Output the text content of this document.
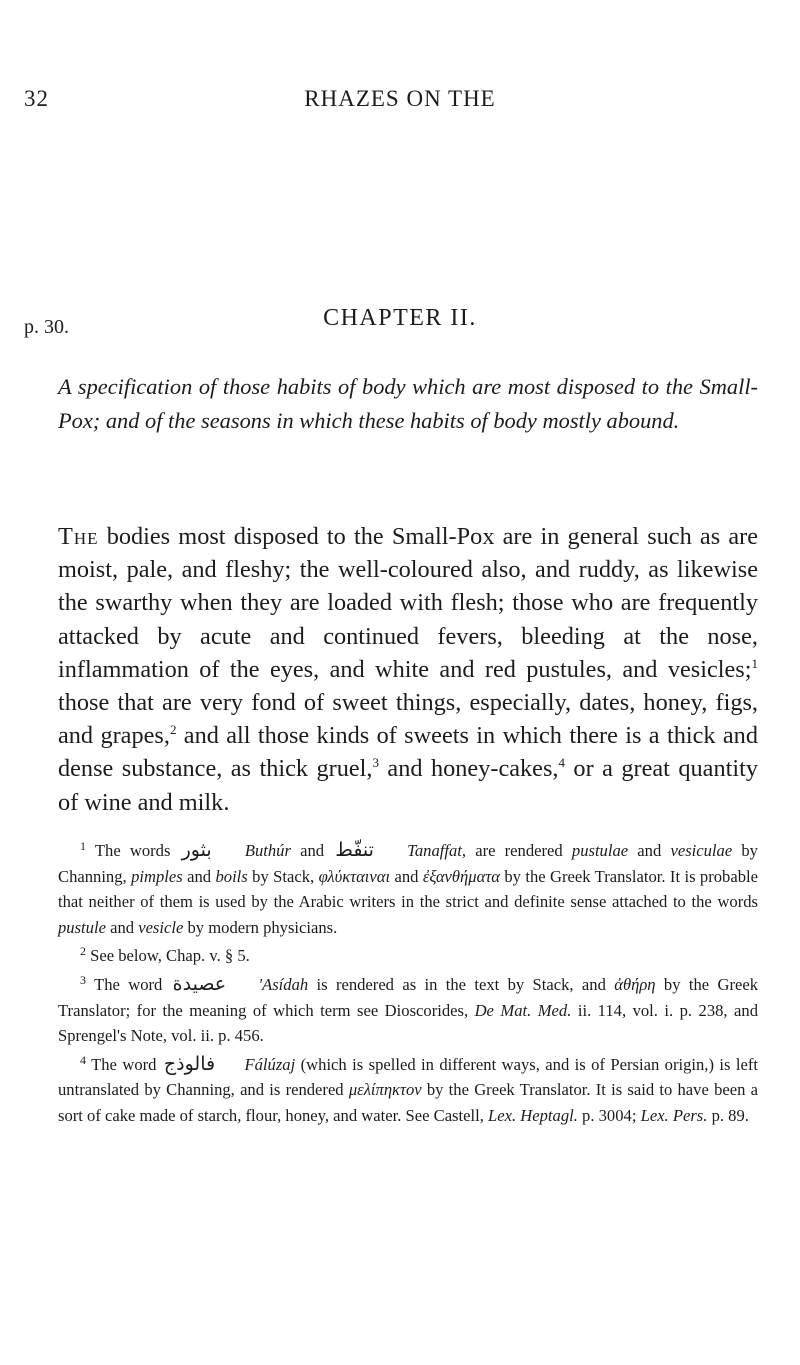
32	RHAZES ON THE
p. 30.	CHAPTER II.
A specification of those habits of body which are most disposed to the Small-Pox; and of the seasons in which these habits of body mostly abound.

The bodies most disposed to the Small-Pox are in general such as are moist, pale, and fleshy; the well-coloured also, and ruddy, as likewise the swarthy when they are loaded with flesh; those who are frequently attacked by acute and continued fevers, bleeding at the nose, inflammation of the eyes, and white and red pustules, and vesicles;$^1$ those that are very fond of sweet things, especially, dates, honey, figs, and grapes,$^2$ and all those kinds of sweets in which there is a thick and dense substance, as thick gruel,$^3$ and honey-cakes,$^4$ or a great quantity of wine and milk.

$^1$ The words بثور Buthúr and تنفّط Tanaffat, are rendered pustulae and vesiculae by Channing, pimples and boils by Stack, φλύκταιναι and ἐξανθήματα by the Greek Translator. It is probable that neither of them is used by the Arabic writers in the strict and definite sense attached to the words pustule and vesicle by modern physicians.

$^2$ See below, Chap. v. § 5.

$^3$ The word عصيدة 'Asídah is rendered as in the text by Stack, and ἀθήρη by the Greek Translator; for the meaning of which term see Dioscorides, De Mat. Med. ii. 114, vol. i. p. 238, and Sprengel's Note, vol. ii. p. 456.

$^4$ The word فالوذج Fálúzaj (which is spelled in different ways, and is of Persian origin,) is left untranslated by Channing, and is rendered μελίπηκτον by the Greek Translator. It is said to have been a sort of cake made of starch, flour, honey, and water. See Castell, Lex. Heptagl. p. 3004; Lex. Pers. p. 89.
